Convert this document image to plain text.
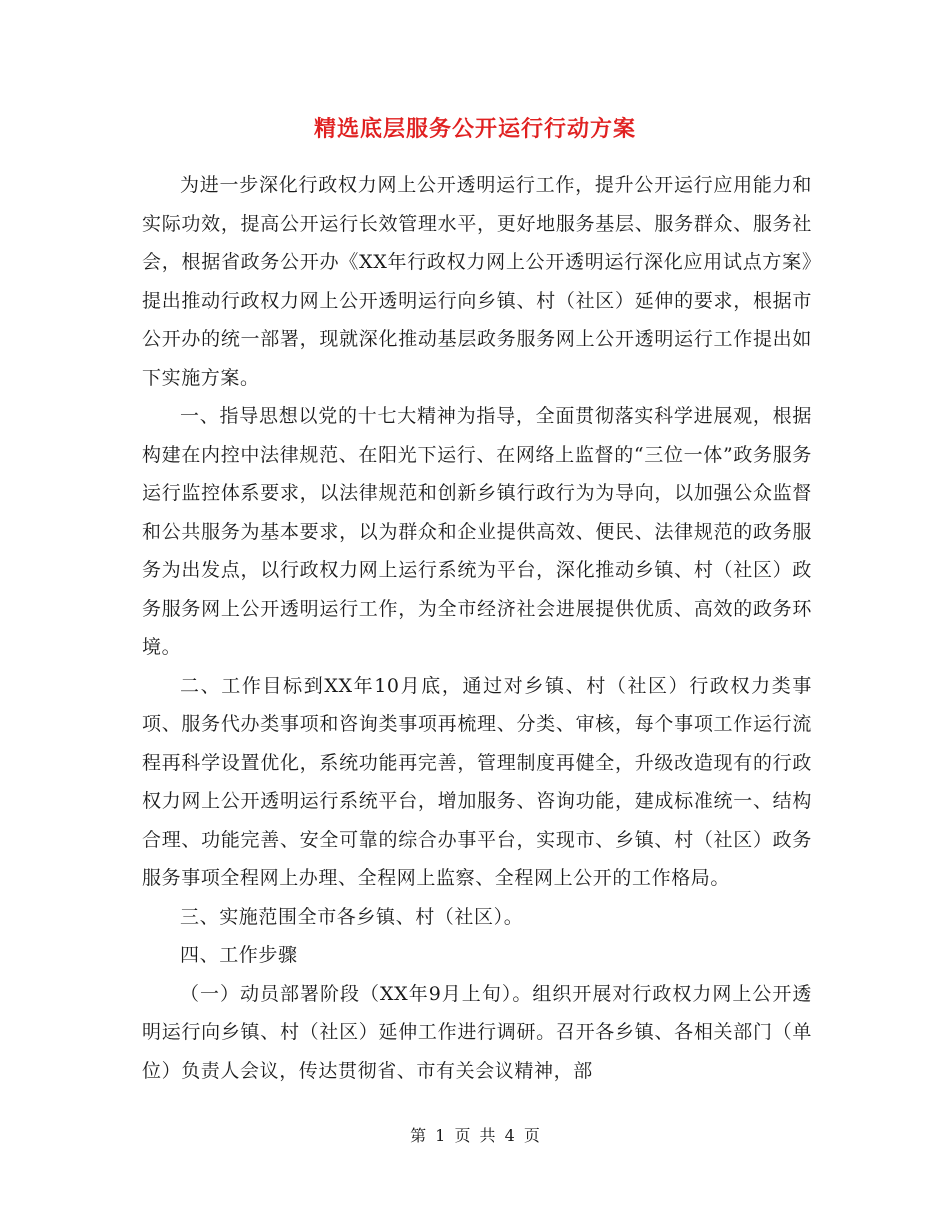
精选底层服务公开运行行动方案

为进一步深化行政权力网上公开透明运行工作，提升公开运行应用能力和实际功效，提高公开运行长效管理水平，更好地服务基层、服务群众、服务社会，根据省政务公开办《XX年行政权力网上公开透明运行深化应用试点方案》提出推动行政权力网上公开透明运行向乡镇、村（社区）延伸的要求，根据市公开办的统一部署，现就深化推动基层政务服务网上公开透明运行工作提出如下实施方案。

一、指导思想以党的十七大精神为指导，全面贯彻落实科学进展观，根据构建在内控中法律规范、在阳光下运行、在网络上监督的“三位一体”政务服务运行监控体系要求，以法律规范和创新乡镇行政行为为导向，以加强公众监督和公共服务为基本要求，以为群众和企业提供高效、便民、法律规范的政务服务为出发点，以行政权力网上运行系统为平台，深化推动乡镇、村（社区）政务服务网上公开透明运行工作，为全市经济社会进展提供优质、高效的政务环境。

二、工作目标到XX年10月底，通过对乡镇、村（社区）行政权力类事项、服务代办类事项和咨询类事项再梳理、分类、审核，每个事项工作运行流程再科学设置优化，系统功能再完善，管理制度再健全，升级改造现有的行政权力网上公开透明运行系统平台，增加服务、咨询功能，建成标准统一、结构合理、功能完善、安全可靠的综合办事平台，实现市、乡镇、村（社区）政务服务事项全程网上办理、全程网上监察、全程网上公开的工作格局。

三、实施范围全市各乡镇、村（社区）。

四、工作步骤

（一）动员部署阶段（XX年9月上旬）。组织开展对行政权力网上公开透明运行向乡镇、村（社区）延伸工作进行调研。召开各乡镇、各相关部门（单位）负责人会议，传达贯彻省、市有关会议精神，部

第 1 页 共 4 页
